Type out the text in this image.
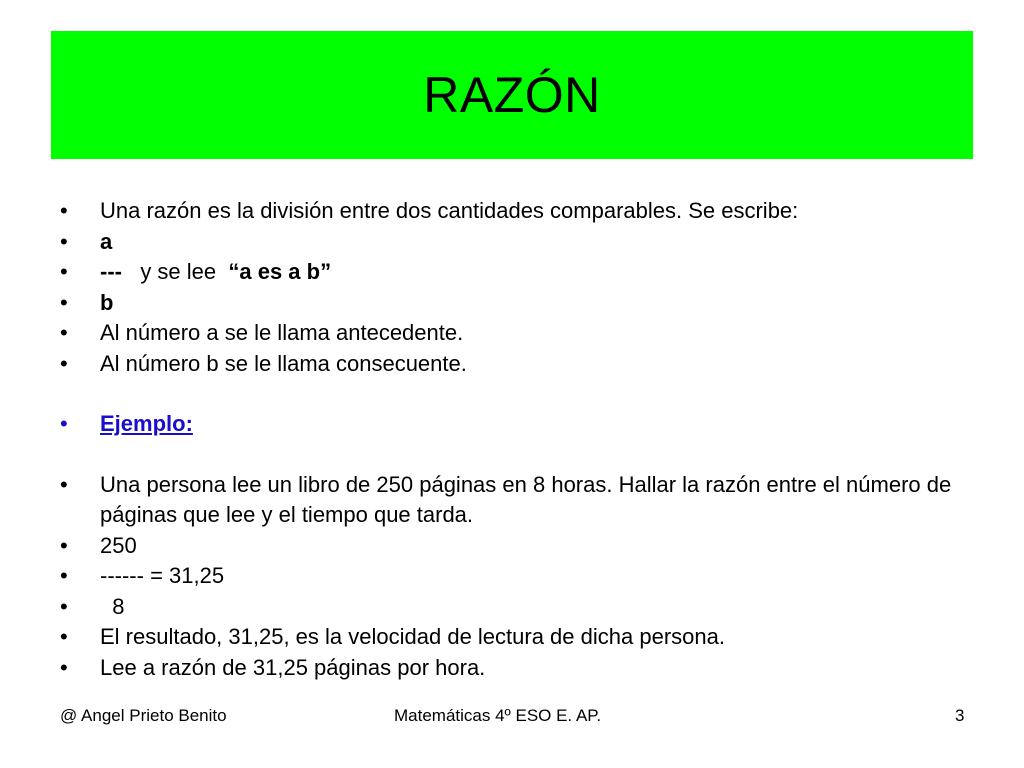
RAZÓN
• Una razón es la división entre dos cantidades comparables. Se escribe:
• a
• ---   y se lee  “a es a b”
• b
• Al número a se le llama antecedente.
• Al número b se le llama consecuente.
• Ejemplo:
• Una persona lee un libro de 250 páginas en 8 horas. Hallar la razón entre el número de páginas que lee y el tiempo que tarda.
• 250
• ------ = 31,25
• 8
• El resultado, 31,25, es la velocidad de lectura de dicha persona.
• Lee a razón de 31,25 páginas por hora.
@ Angel Prieto Benito	Matemáticas 4º ESO E. AP.	3
